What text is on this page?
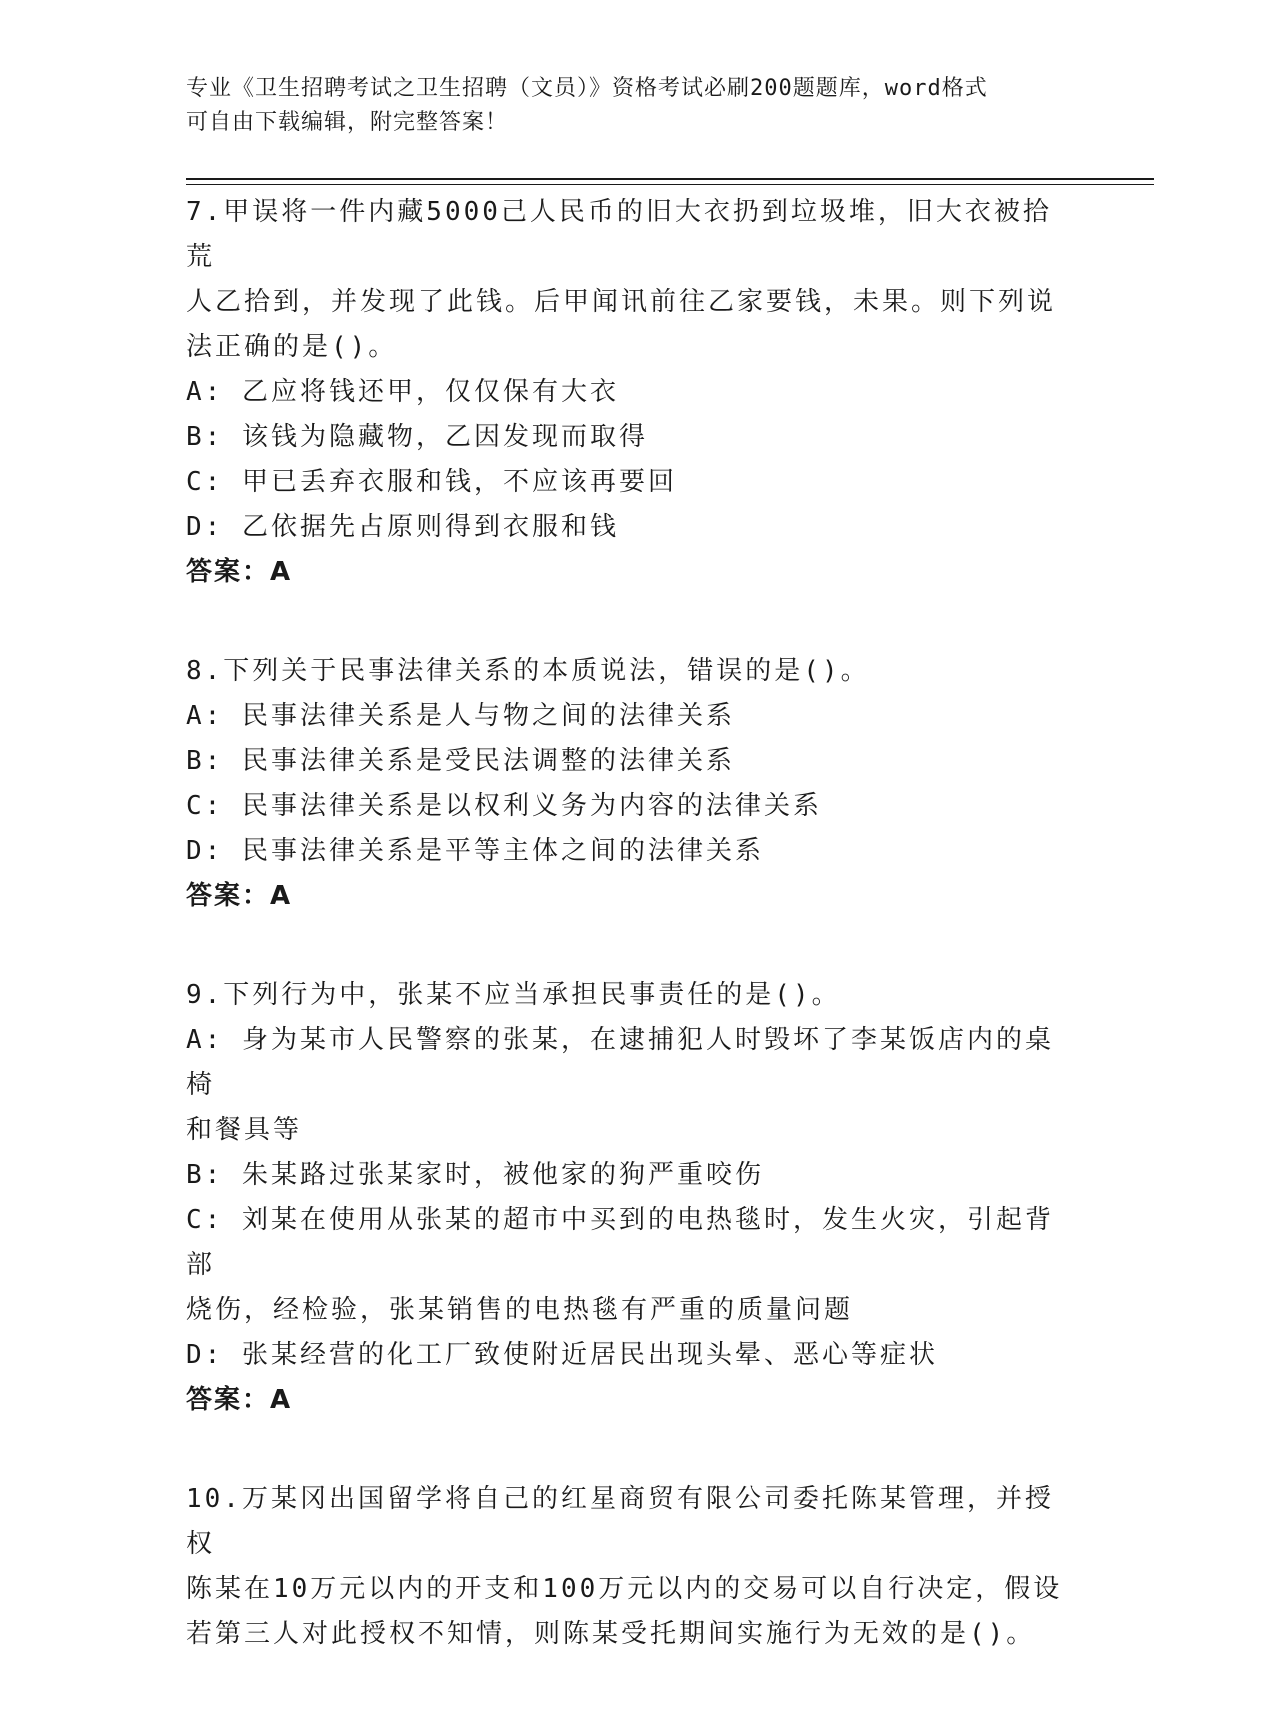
专业《卫生招聘考试之卫生招聘（文员）》资格考试必刷200题题库，word格式
可自由下载编辑，附完整答案！
7.甲误将一件内藏5000己人民币的旧大衣扔到垃圾堆，旧大衣被拾荒
人乙拾到，并发现了此钱。后甲闻讯前往乙家要钱，未果。则下列说
法正确的是()。
A: 乙应将钱还甲，仅仅保有大衣
B: 该钱为隐藏物，乙因发现而取得
C: 甲已丢弃衣服和钱，不应该再要回
D: 乙依据先占原则得到衣服和钱
答案：A
8.下列关于民事法律关系的本质说法，错误的是()。
A: 民事法律关系是人与物之间的法律关系
B: 民事法律关系是受民法调整的法律关系
C: 民事法律关系是以权利义务为内容的法律关系
D: 民事法律关系是平等主体之间的法律关系
答案：A
9.下列行为中，张某不应当承担民事责任的是()。
A: 身为某市人民警察的张某，在逮捕犯人时毁坏了李某饭店内的桌椅
和餐具等
B: 朱某路过张某家时，被他家的狗严重咬伤
C: 刘某在使用从张某的超市中买到的电热毯时，发生火灾，引起背部
烧伤，经检验，张某销售的电热毯有严重的质量问题
D: 张某经营的化工厂致使附近居民出现头晕、恶心等症状
答案：A
10.万某冈出国留学将自己的红星商贸有限公司委托陈某管理，并授权
陈某在10万元以内的开支和100万元以内的交易可以自行决定，假设
若第三人对此授权不知情，则陈某受托期间实施行为无效的是()。
